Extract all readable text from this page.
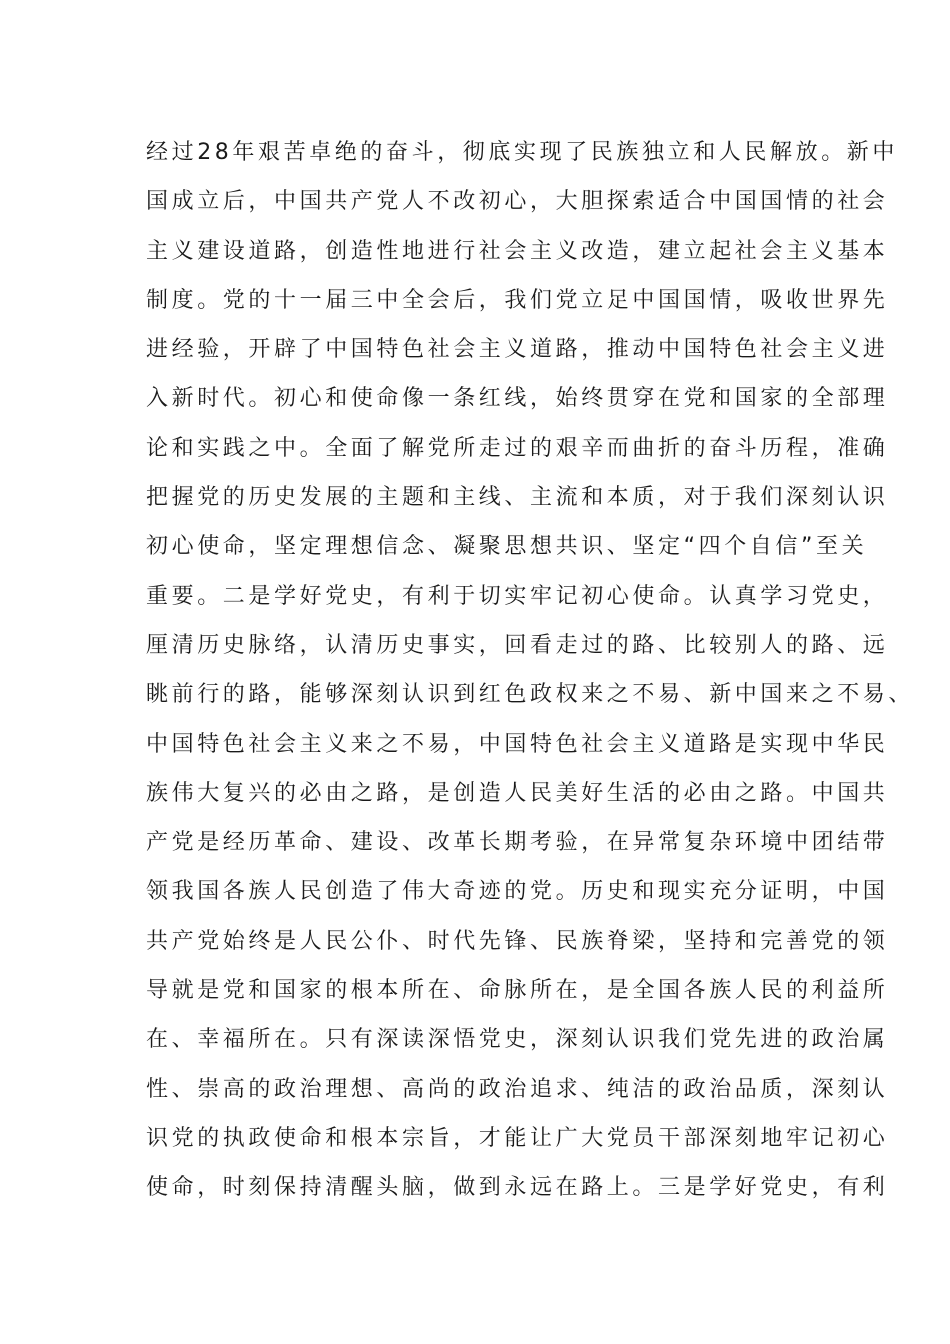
经过28年艰苦卓绝的奋斗，彻底实现了民族独立和人民解放。新中
国成立后，中国共产党人不改初心，大胆探索适合中国国情的社会
主义建设道路，创造性地进行社会主义改造，建立起社会主义基本
制度。党的十一届三中全会后，我们党立足中国国情，吸收世界先
进经验，开辟了中国特色社会主义道路，推动中国特色社会主义进
入新时代。初心和使命像一条红线，始终贯穿在党和国家的全部理
论和实践之中。全面了解党所走过的艰辛而曲折的奋斗历程，准确
把握党的历史发展的主题和主线、主流和本质，对于我们深刻认识
初心使命，坚定理想信念、凝聚思想共识、坚定“四个自信”至关
重要。二是学好党史，有利于切实牢记初心使命。认真学习党史，
厘清历史脉络，认清历史事实，回看走过的路、比较别人的路、远
眺前行的路，能够深刻认识到红色政权来之不易、新中国来之不易、
中国特色社会主义来之不易，中国特色社会主义道路是实现中华民
族伟大复兴的必由之路，是创造人民美好生活的必由之路。中国共
产党是经历革命、建设、改革长期考验，在异常复杂环境中团结带
领我国各族人民创造了伟大奇迹的党。历史和现实充分证明，中国
共产党始终是人民公仆、时代先锋、民族脊梁，坚持和完善党的领
导就是党和国家的根本所在、命脉所在，是全国各族人民的利益所
在、幸福所在。只有深读深悟党史，深刻认识我们党先进的政治属
性、崇高的政治理想、高尚的政治追求、纯洁的政治品质，深刻认
识党的执政使命和根本宗旨，才能让广大党员干部深刻地牢记初心
使命，时刻保持清醒头脑，做到永远在路上。三是学好党史，有利
